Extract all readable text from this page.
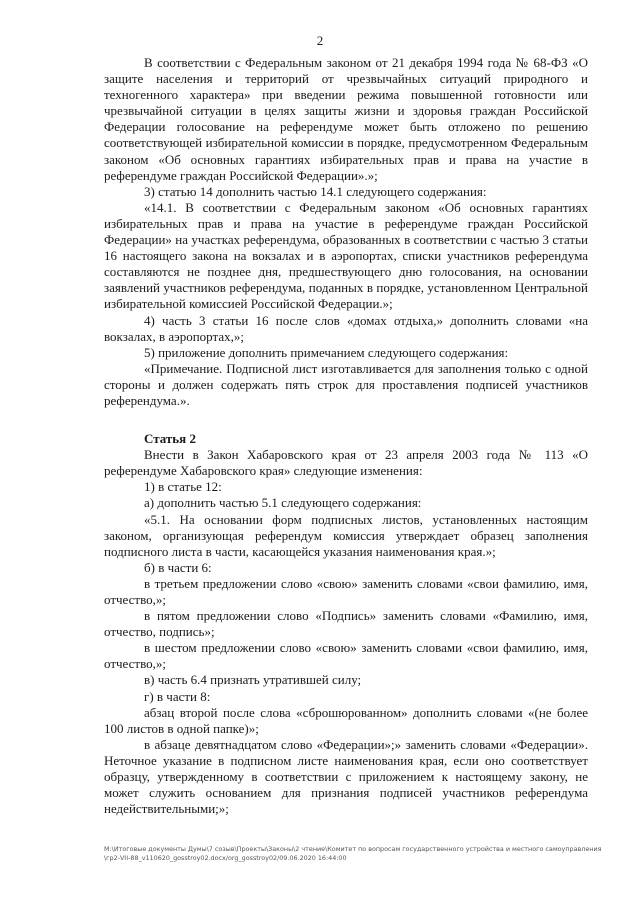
2

В соответствии с Федеральным законом от 21 декабря 1994 года № 68-ФЗ «О защите населения и территорий от чрезвычайных ситуаций природного и техногенного характера» при введении режима повышенной готовности или чрезвычайной ситуации в целях защиты жизни и здоровья граждан Российской Федерации голосование на референдуме может быть отложено по решению соответствующей избирательной комиссии в порядке, предусмотренном Федеральным законом «Об основных гарантиях избирательных прав и права на участие в референдуме граждан Российской Федерации».»;

3) статью 14 дополнить частью 14.1 следующего содержания:

«14.1. В соответствии с Федеральным законом «Об основных гарантиях избирательных прав и права на участие в референдуме граждан Российской Федерации» на участках референдума, образованных в соответствии с частью 3 статьи 16 настоящего закона на вокзалах и в аэропортах, списки участников референдума составляются не позднее дня, предшествующего дню голосования, на основании заявлений участников референдума, поданных в порядке, установленном Центральной избирательной комиссией Российской Федерации.»;

4) часть 3 статьи 16 после слов «домах отдыха,» дополнить словами «на вокзалах, в аэропортах,»;

5) приложение дополнить примечанием следующего содержания:

«Примечание. Подписной лист изготавливается для заполнения только с одной стороны и должен содержать пять строк для проставления подписей участников референдума.».

Статья 2

Внести в Закон Хабаровского края от 23 апреля 2003 года № 113 «О референдуме Хабаровского края» следующие изменения:

1) в статье 12:

а) дополнить частью 5.1 следующего содержания:

«5.1. На основании форм подписных листов, установленных настоящим законом, организующая референдум комиссия утверждает образец заполнения подписного листа в части, касающейся указания наименования края.»;

б) в части 6:

в третьем предложении слово «свою» заменить словами «свои фамилию, имя, отчество,»;

в пятом предложении слово «Подпись» заменить словами «Фамилию, имя, отчество, подпись»;

в шестом предложении слово «свою» заменить словами «свои фамилию, имя, отчество,»;

в) часть 6.4 признать утратившей силу;

г) в части 8:

абзац второй после слова «сброшюрованном» дополнить словами «(не более 100 листов в одной папке)»;

в абзаце девятнадцатом слово «Федерации»;» заменить словами «Федерации». Неточное указание в подписном листе наименования края, если оно соответствует образцу, утвержденному в соответствии с приложением к настоящему закону, не может служить основанием для признания подписей участников референдума недействительными;»;

М:\Итоговые документы Думы\7 созыв\Проекты\Законы\2 чтение\Комитет по вопросам государственного устройства и местного самоуправления\гр2-VII-88_v110620_gosstroy02.docx/org_gosstroy02/09.06.2020 16:44:00
